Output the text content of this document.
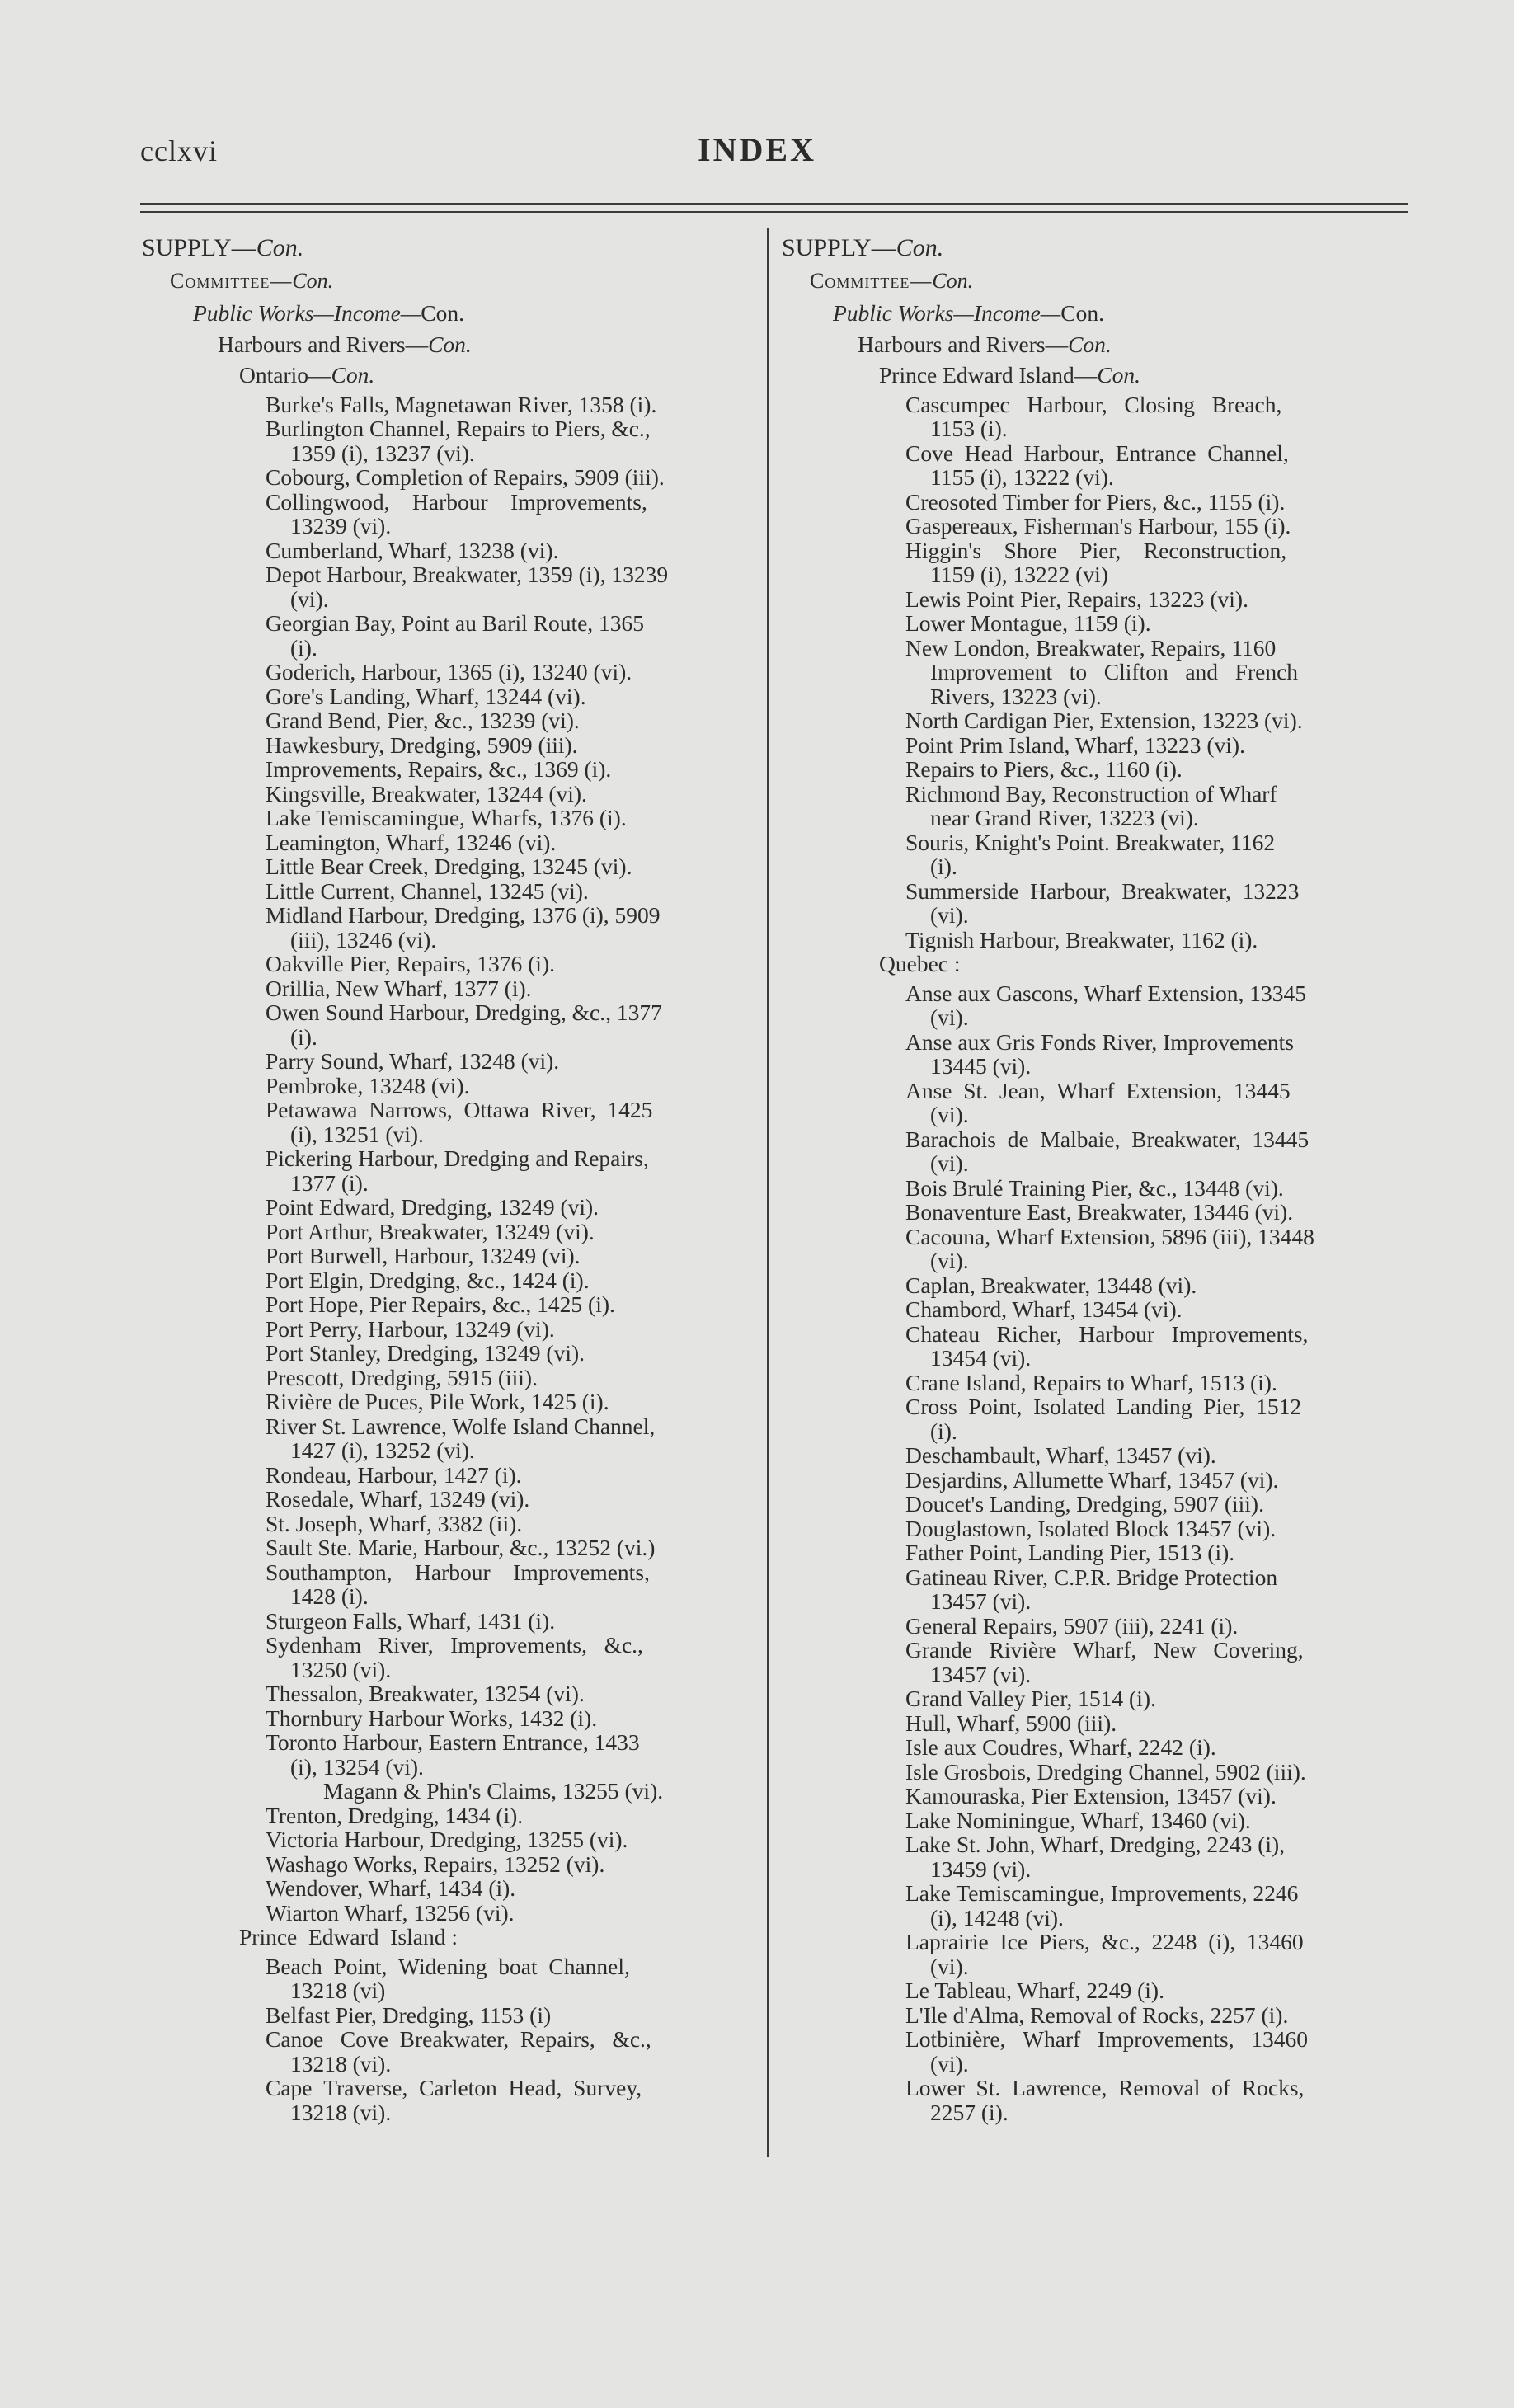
cclxvi	INDEX
SUPPLY—Con.
Committee—Con.
Public Works—Income—Con.
Harbours and Rivers—Con.
Ontario—Con.
Burke's Falls, Magnetawan River, 1358 (i).
Burlington Channel, Repairs to Piers, &c.,
1359 (i), 13237 (vi).
Cobourg, Completion of Repairs, 5909 (iii).
Collingwood,    Harbour    Improvements,
13239 (vi).
Cumberland, Wharf, 13238 (vi).
Depot Harbour, Breakwater, 1359 (i), 13239
(vi).
Georgian Bay, Point au Baril Route, 1365
(i).
Goderich, Harbour, 1365 (i), 13240 (vi).
Gore's Landing, Wharf, 13244 (vi).
Grand Bend, Pier, &c., 13239 (vi).
Hawkesbury, Dredging, 5909 (iii).
Improvements, Repairs, &c., 1369 (i).
Kingsville, Breakwater, 13244 (vi).
Lake Temiscamingue, Wharfs, 1376 (i).
Leamington, Wharf, 13246 (vi).
Little Bear Creek, Dredging, 13245 (vi).
Little Current, Channel, 13245 (vi).
Midland Harbour, Dredging, 1376 (i), 5909
(iii), 13246 (vi).
Oakville Pier, Repairs, 1376 (i).
Orillia, New Wharf, 1377 (i).
Owen Sound Harbour, Dredging, &c., 1377
(i).
Parry Sound, Wharf, 13248 (vi).
Pembroke, 13248 (vi).
Petawawa  Narrows,  Ottawa  River,  1425
(i), 13251 (vi).
Pickering Harbour, Dredging and Repairs,
1377 (i).
Point Edward, Dredging, 13249 (vi).
Port Arthur, Breakwater, 13249 (vi).
Port Burwell, Harbour, 13249 (vi).
Port Elgin, Dredging, &c., 1424 (i).
Port Hope, Pier Repairs, &c., 1425 (i).
Port Perry, Harbour, 13249 (vi).
Port Stanley, Dredging, 13249 (vi).
Prescott, Dredging, 5915 (iii).
Rivière de Puces, Pile Work, 1425 (i).
River St. Lawrence, Wolfe Island Channel,
1427 (i), 13252 (vi).
Rondeau, Harbour, 1427 (i).
Rosedale, Wharf, 13249 (vi).
St. Joseph, Wharf, 3382 (ii).
Sault Ste. Marie, Harbour, &c., 13252 (vi.)
Southampton,    Harbour    Improvements,
1428 (i).
Sturgeon Falls, Wharf, 1431 (i).
Sydenham   River,   Improvements,   &c.,
13250 (vi).
Thessalon, Breakwater, 13254 (vi).
Thornbury Harbour Works, 1432 (i).
Toronto Harbour, Eastern Entrance, 1433
(i), 13254 (vi).
Magann & Phin's Claims, 13255 (vi).
Trenton, Dredging, 1434 (i).
Victoria Harbour, Dredging, 13255 (vi).
Washago Works, Repairs, 13252 (vi).
Wendover, Wharf, 1434 (i).
Wiarton Wharf, 13256 (vi).
Prince  Edward  Island :
Beach  Point,  Widening  boat  Channel,
13218 (vi)
Belfast Pier, Dredging, 1153 (i)
Canoe   Cove  Breakwater,  Repairs,   &c.,
13218 (vi).
Cape  Traverse,  Carleton  Head,  Survey,
13218 (vi).
SUPPLY—Con.
Committee—Con.
Public Works—Income—Con.
Harbours and Rivers—Con.
Prince Edward Island—Con.
Cascumpec   Harbour,   Closing   Breach,
1153 (i).
Cove  Head  Harbour,  Entrance  Channel,
1155 (i), 13222 (vi).
Creosoted Timber for Piers, &c., 1155 (i).
Gaspereaux, Fisherman's Harbour, 155 (i).
Higgin's    Shore    Pier,    Reconstruction,
1159 (i), 13222 (vi)
Lewis Point Pier, Repairs, 13223 (vi).
Lower Montague, 1159 (i).
New London, Breakwater, Repairs, 1160
Improvement   to   Clifton   and   French
Rivers, 13223 (vi).
North Cardigan Pier, Extension, 13223 (vi).
Point Prim Island, Wharf, 13223 (vi).
Repairs to Piers, &c., 1160 (i).
Richmond Bay, Reconstruction of Wharf
near Grand River, 13223 (vi).
Souris, Knight's Point. Breakwater, 1162
(i).
Summerside  Harbour,  Breakwater,  13223
(vi).
Tignish Harbour, Breakwater, 1162 (i).
Quebec :
Anse aux Gascons, Wharf Extension, 13345
(vi).
Anse aux Gris Fonds River, Improvements
13445 (vi).
Anse  St.  Jean,  Wharf  Extension,  13445
(vi).
Barachois  de  Malbaie,  Breakwater,  13445
(vi).
Bois Brulé Training Pier, &c., 13448 (vi).
Bonaventure East, Breakwater, 13446 (vi).
Cacouna, Wharf Extension, 5896 (iii), 13448
(vi).
Caplan, Breakwater, 13448 (vi).
Chambord, Wharf, 13454 (vi).
Chateau   Richer,   Harbour   Improvements,
13454 (vi).
Crane Island, Repairs to Wharf, 1513 (i).
Cross  Point,  Isolated  Landing  Pier,  1512
(i).
Deschambault, Wharf, 13457 (vi).
Desjardins, Allumette Wharf, 13457 (vi).
Doucet's Landing, Dredging, 5907 (iii).
Douglastown, Isolated Block 13457 (vi).
Father Point, Landing Pier, 1513 (i).
Gatineau River, C.P.R. Bridge Protection
13457 (vi).
General Repairs, 5907 (iii), 2241 (i).
Grande   Rivière   Wharf,   New   Covering,
13457 (vi).
Grand Valley Pier, 1514 (i).
Hull, Wharf, 5900 (iii).
Isle aux Coudres, Wharf, 2242 (i).
Isle Grosbois, Dredging Channel, 5902 (iii).
Kamouraska, Pier Extension, 13457 (vi).
Lake Nominingue, Wharf, 13460 (vi).
Lake St. John, Wharf, Dredging, 2243 (i),
13459 (vi).
Lake Temiscamingue, Improvements, 2246
(i), 14248 (vi).
Laprairie  Ice  Piers,  &c.,  2248  (i),  13460
(vi).
Le Tableau, Wharf, 2249 (i).
L'Ile d'Alma, Removal of Rocks, 2257 (i).
Lotbinière,   Wharf   Improvements,   13460
(vi).
Lower  St.  Lawrence,  Removal  of  Rocks,
2257 (i).
